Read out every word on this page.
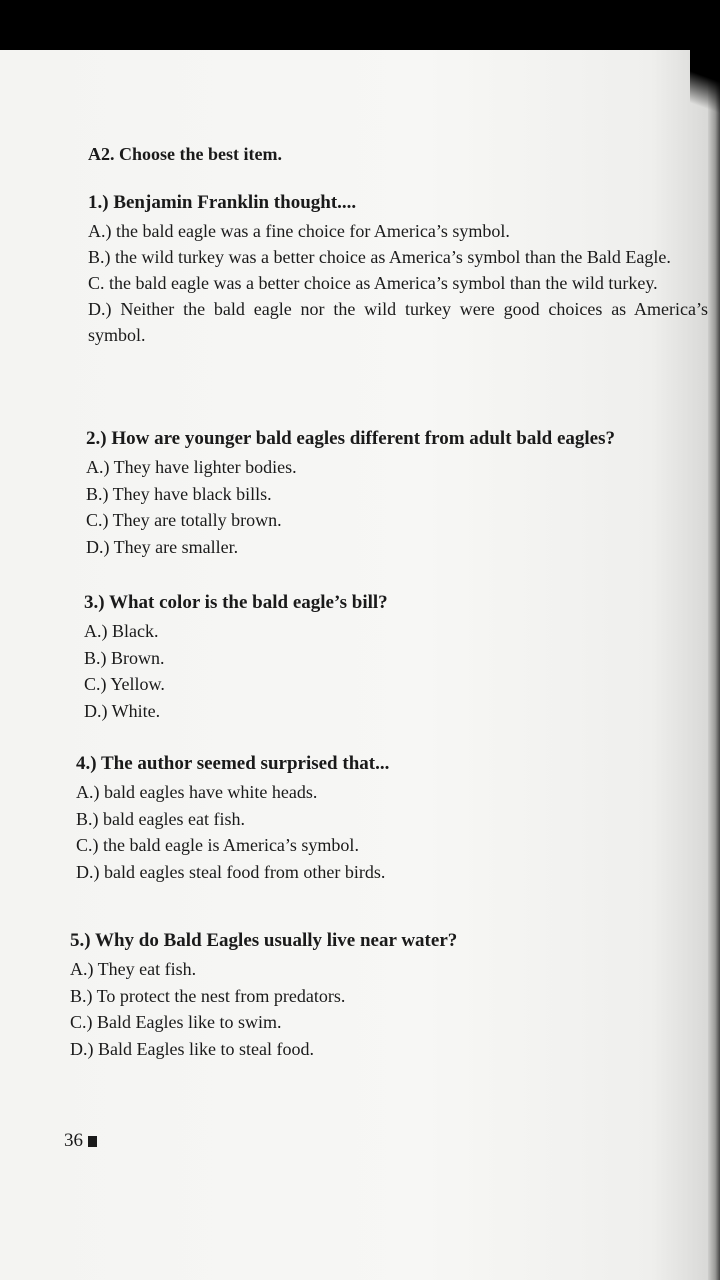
A2. Choose the best item.

1.) Benjamin Franklin thought....

A.) the bald eagle was a fine choice for America’s symbol.
B.) the wild turkey was a better choice as America’s symbol than the Bald Eagle.
C. the bald eagle was a better choice as America’s symbol than the wild turkey.
D.) Neither the bald eagle nor the wild turkey were good choices as America’s symbol.

2.) How are younger bald eagles different from adult bald eagles?

A.) They have lighter bodies.
B.) They have black bills.
C.) They are totally brown.
D.) They are smaller.

3.) What color is the bald eagle’s bill?

A.) Black.
B.) Brown.
C.) Yellow.
D.) White.

4.) The author seemed surprised that...

A.) bald eagles have white heads.
B.) bald eagles eat fish.
C.) the bald eagle is America’s symbol.
D.) bald eagles steal food from other birds.

5.) Why do Bald Eagles usually live near water?

A.) They eat fish.
B.) To protect the nest from predators.
C.) Bald Eagles like to swim.
D.) Bald Eagles like to steal food.
36
